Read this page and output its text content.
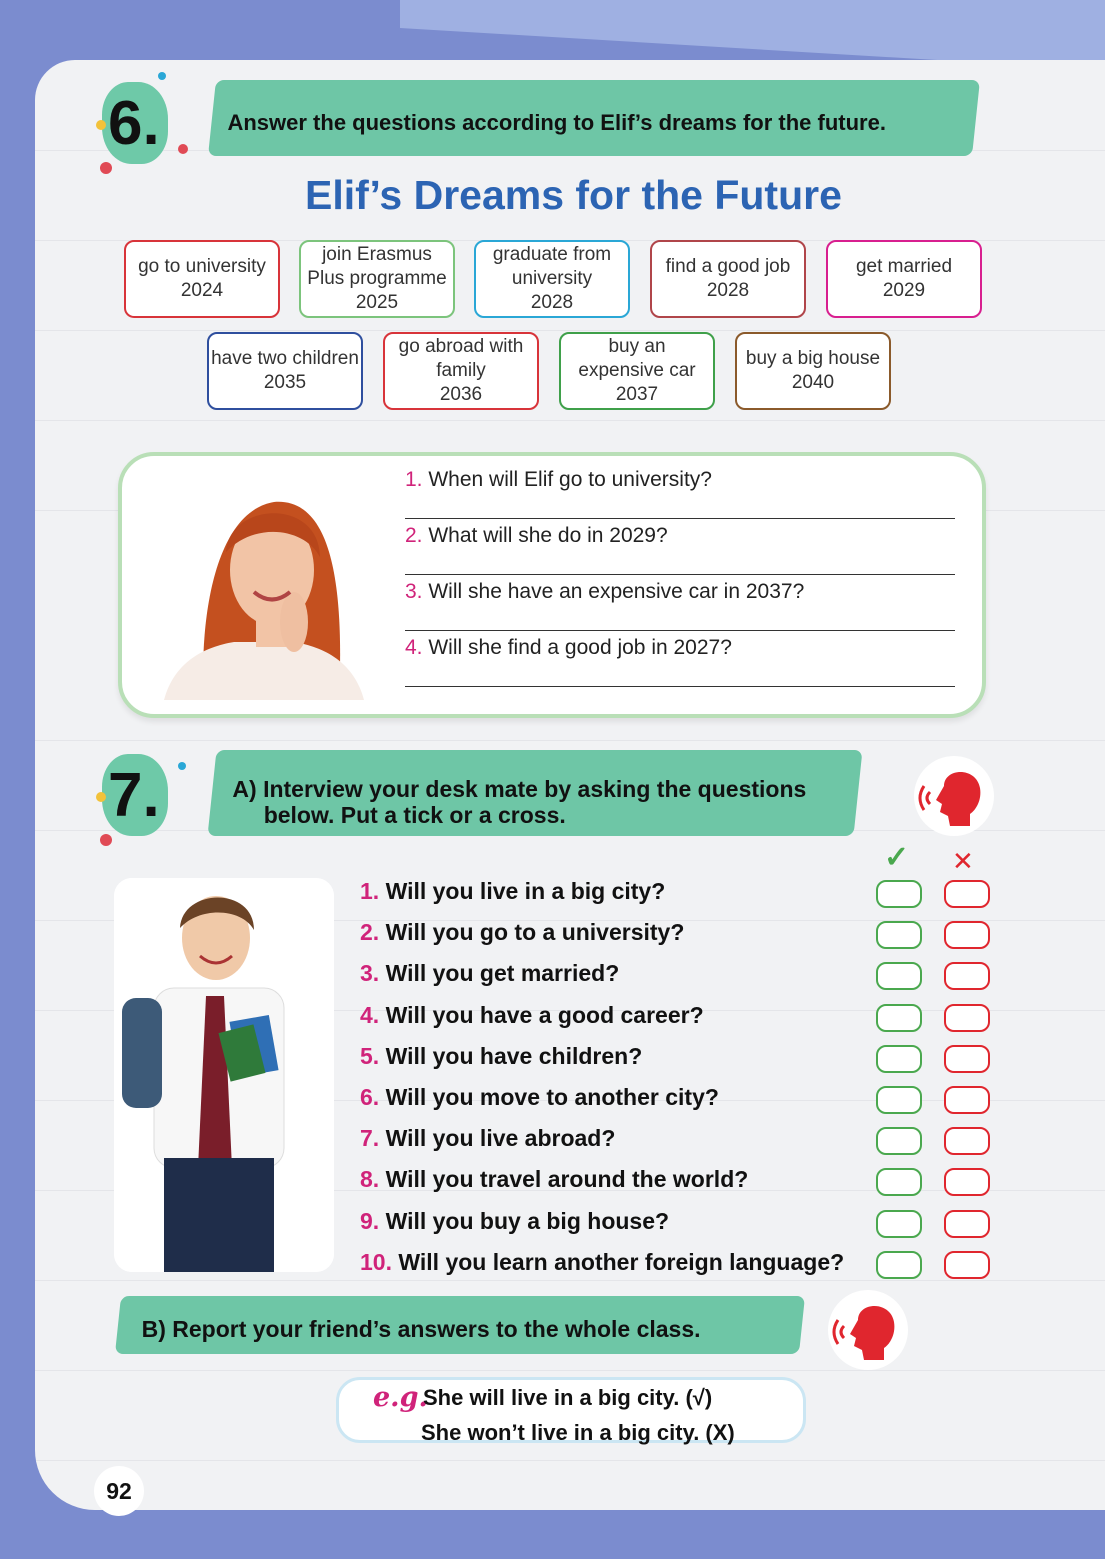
6.	Answer the questions according to Elif’s dreams for the future.
Elif’s Dreams for the Future
go to university
2024
join Erasmus
Plus programme
2025
graduate from
university
2028
find a good job
2028
get married
2029
have two children
2035
go abroad with
family
2036
buy an
expensive car
2037
buy a big house
2040
1. When will Elif go to university?
2. What will she do in 2029?
3. Will she have an expensive car in 2037?
4. Will she find a good job in 2027?
7.	A) Interview your desk mate by asking the questions
below. Put a tick or a cross.
✓ ✕
1. Will you live in a big city?
2. Will you go to a university?
3. Will you get married?
4. Will you have a good career?
5. Will you have children?
6. Will you move to another city?
7. Will you live abroad?
8. Will you travel around the world?
9. Will you buy a big house?
10. Will you learn another foreign language?
B) Report your friend’s answers to the whole class.
e.g.
She will live in a big city. (√)
She won’t live in a big city. (X)
92
